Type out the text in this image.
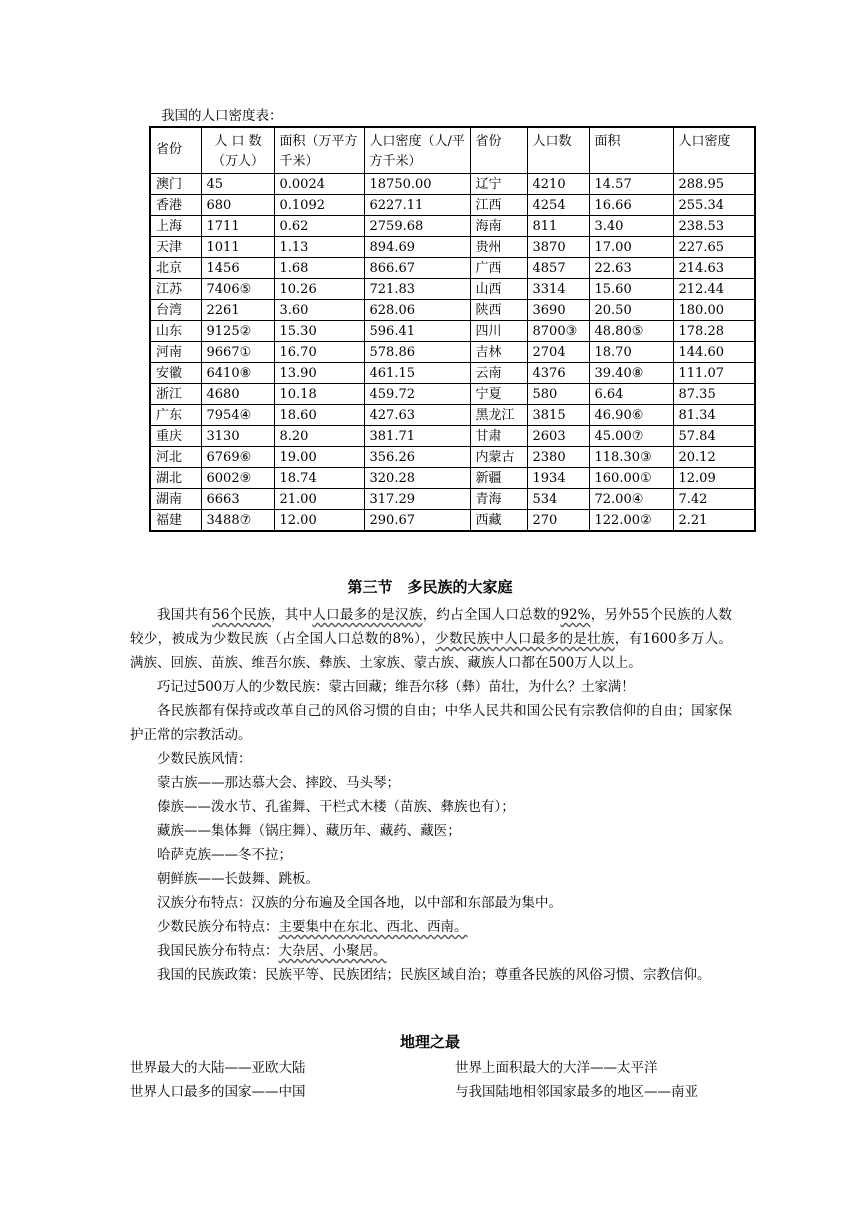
我国的人口密度表：
省份	人 口 数（万人）	面积（万平方千米）	人口密度（人/平方千米）	省份	人口数	面积	人口密度
澳门	45	0.0024	18750.00	辽宁	4210	14.57	288.95
香港	680	0.1092	6227.11	江西	4254	16.66	255.34
上海	1711	0.62	2759.68	海南	811	3.40	238.53
天津	1011	1.13	894.69	贵州	3870	17.00	227.65
北京	1456	1.68	866.67	广西	4857	22.63	214.63
江苏	7406⑤	10.26	721.83	山西	3314	15.60	212.44
台湾	2261	3.60	628.06	陕西	3690	20.50	180.00
山东	9125②	15.30	596.41	四川	8700③	48.80⑤	178.28
河南	9667①	16.70	578.86	吉林	2704	18.70	144.60
安徽	6410⑧	13.90	461.15	云南	4376	39.40⑧	111.07
浙江	4680	10.18	459.72	宁夏	580	6.64	87.35
广东	7954④	18.60	427.63	黑龙江	3815	46.90⑥	81.34
重庆	3130	8.20	381.71	甘肃	2603	45.00⑦	57.84
河北	6769⑥	19.00	356.26	内蒙古	2380	118.30③	20.12
湖北	6002⑨	18.74	320.28	新疆	1934	160.00①	12.09
湖南	6663	21.00	317.29	青海	534	72.00④	7.42
福建	3488⑦	12.00	290.67	西藏	270	122.00②	2.21
第三节　多民族的大家庭

我国共有56个民族，其中人口最多的是汉族，约占全国人口总数的92%，另外55个民族的人数较少，被成为少数民族（占全国人口总数的8%），少数民族中人口最多的是壮族，有1600多万人。满族、回族、苗族、维吾尔族、彝族、土家族、蒙古族、藏族人口都在500万人以上。

巧记过500万人的少数民族：蒙古回藏；维吾尔移（彝）苗壮，为什么？土家满！

各民族都有保持或改革自己的风俗习惯的自由；中华人民共和国公民有宗教信仰的自由；国家保护正常的宗教活动。

少数民族风情：

蒙古族——那达慕大会、摔跤、马头琴；

傣族——泼水节、孔雀舞、干栏式木楼（苗族、彝族也有）；

藏族——集体舞（锅庄舞）、藏历年、藏药、藏医；

哈萨克族——冬不拉；

朝鲜族——长鼓舞、跳板。

汉族分布特点：汉族的分布遍及全国各地，以中部和东部最为集中。

少数民族分布特点：主要集中在东北、西北、西南。

我国民族分布特点：大杂居、小聚居。

我国的民族政策：民族平等、民族团结；民族区域自治；尊重各民族的风俗习惯、宗教信仰。

地理之最
世界最大的大陆——亚欧大陆	世界上面积最大的大洋——太平洋
世界人口最多的国家——中国	与我国陆地相邻国家最多的地区——南亚
